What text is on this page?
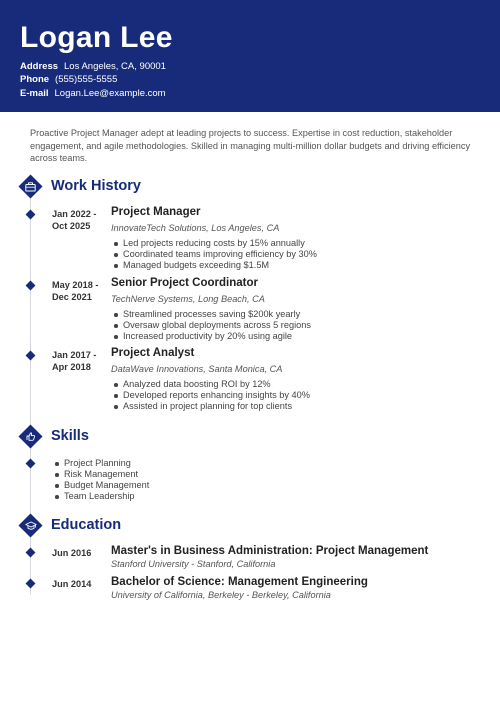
Logan Lee
Address Los Angeles, CA, 90001
Phone (555)555-5555
E-mail Logan.Lee@example.com
Proactive Project Manager adept at leading projects to success. Expertise in cost reduction, stakeholder engagement, and agile methodologies. Skilled in managing multi-million dollar budgets and driving efficiency across teams.
Work History
Jan 2022 -
Oct 2025
Project Manager
InnovateTech Solutions, Los Angeles, CA
Led projects reducing costs by 15% annually
Coordinated teams improving efficiency by 30%
Managed budgets exceeding $1.5M
May 2018 -
Dec 2021
Senior Project Coordinator
TechNerve Systems, Long Beach, CA
Streamlined processes saving $200k yearly
Oversaw global deployments across 5 regions
Increased productivity by 20% using agile
Jan 2017 -
Apr 2018
Project Analyst
DataWave Innovations, Santa Monica, CA
Analyzed data boosting ROI by 12%
Developed reports enhancing insights by 40%
Assisted in project planning for top clients
Skills
Project Planning
Risk Management
Budget Management
Team Leadership
Education
Jun 2016	Master's in Business Administration: Project Management
Stanford University - Stanford, California
Jun 2014	Bachelor of Science: Management Engineering
University of California, Berkeley - Berkeley, California
